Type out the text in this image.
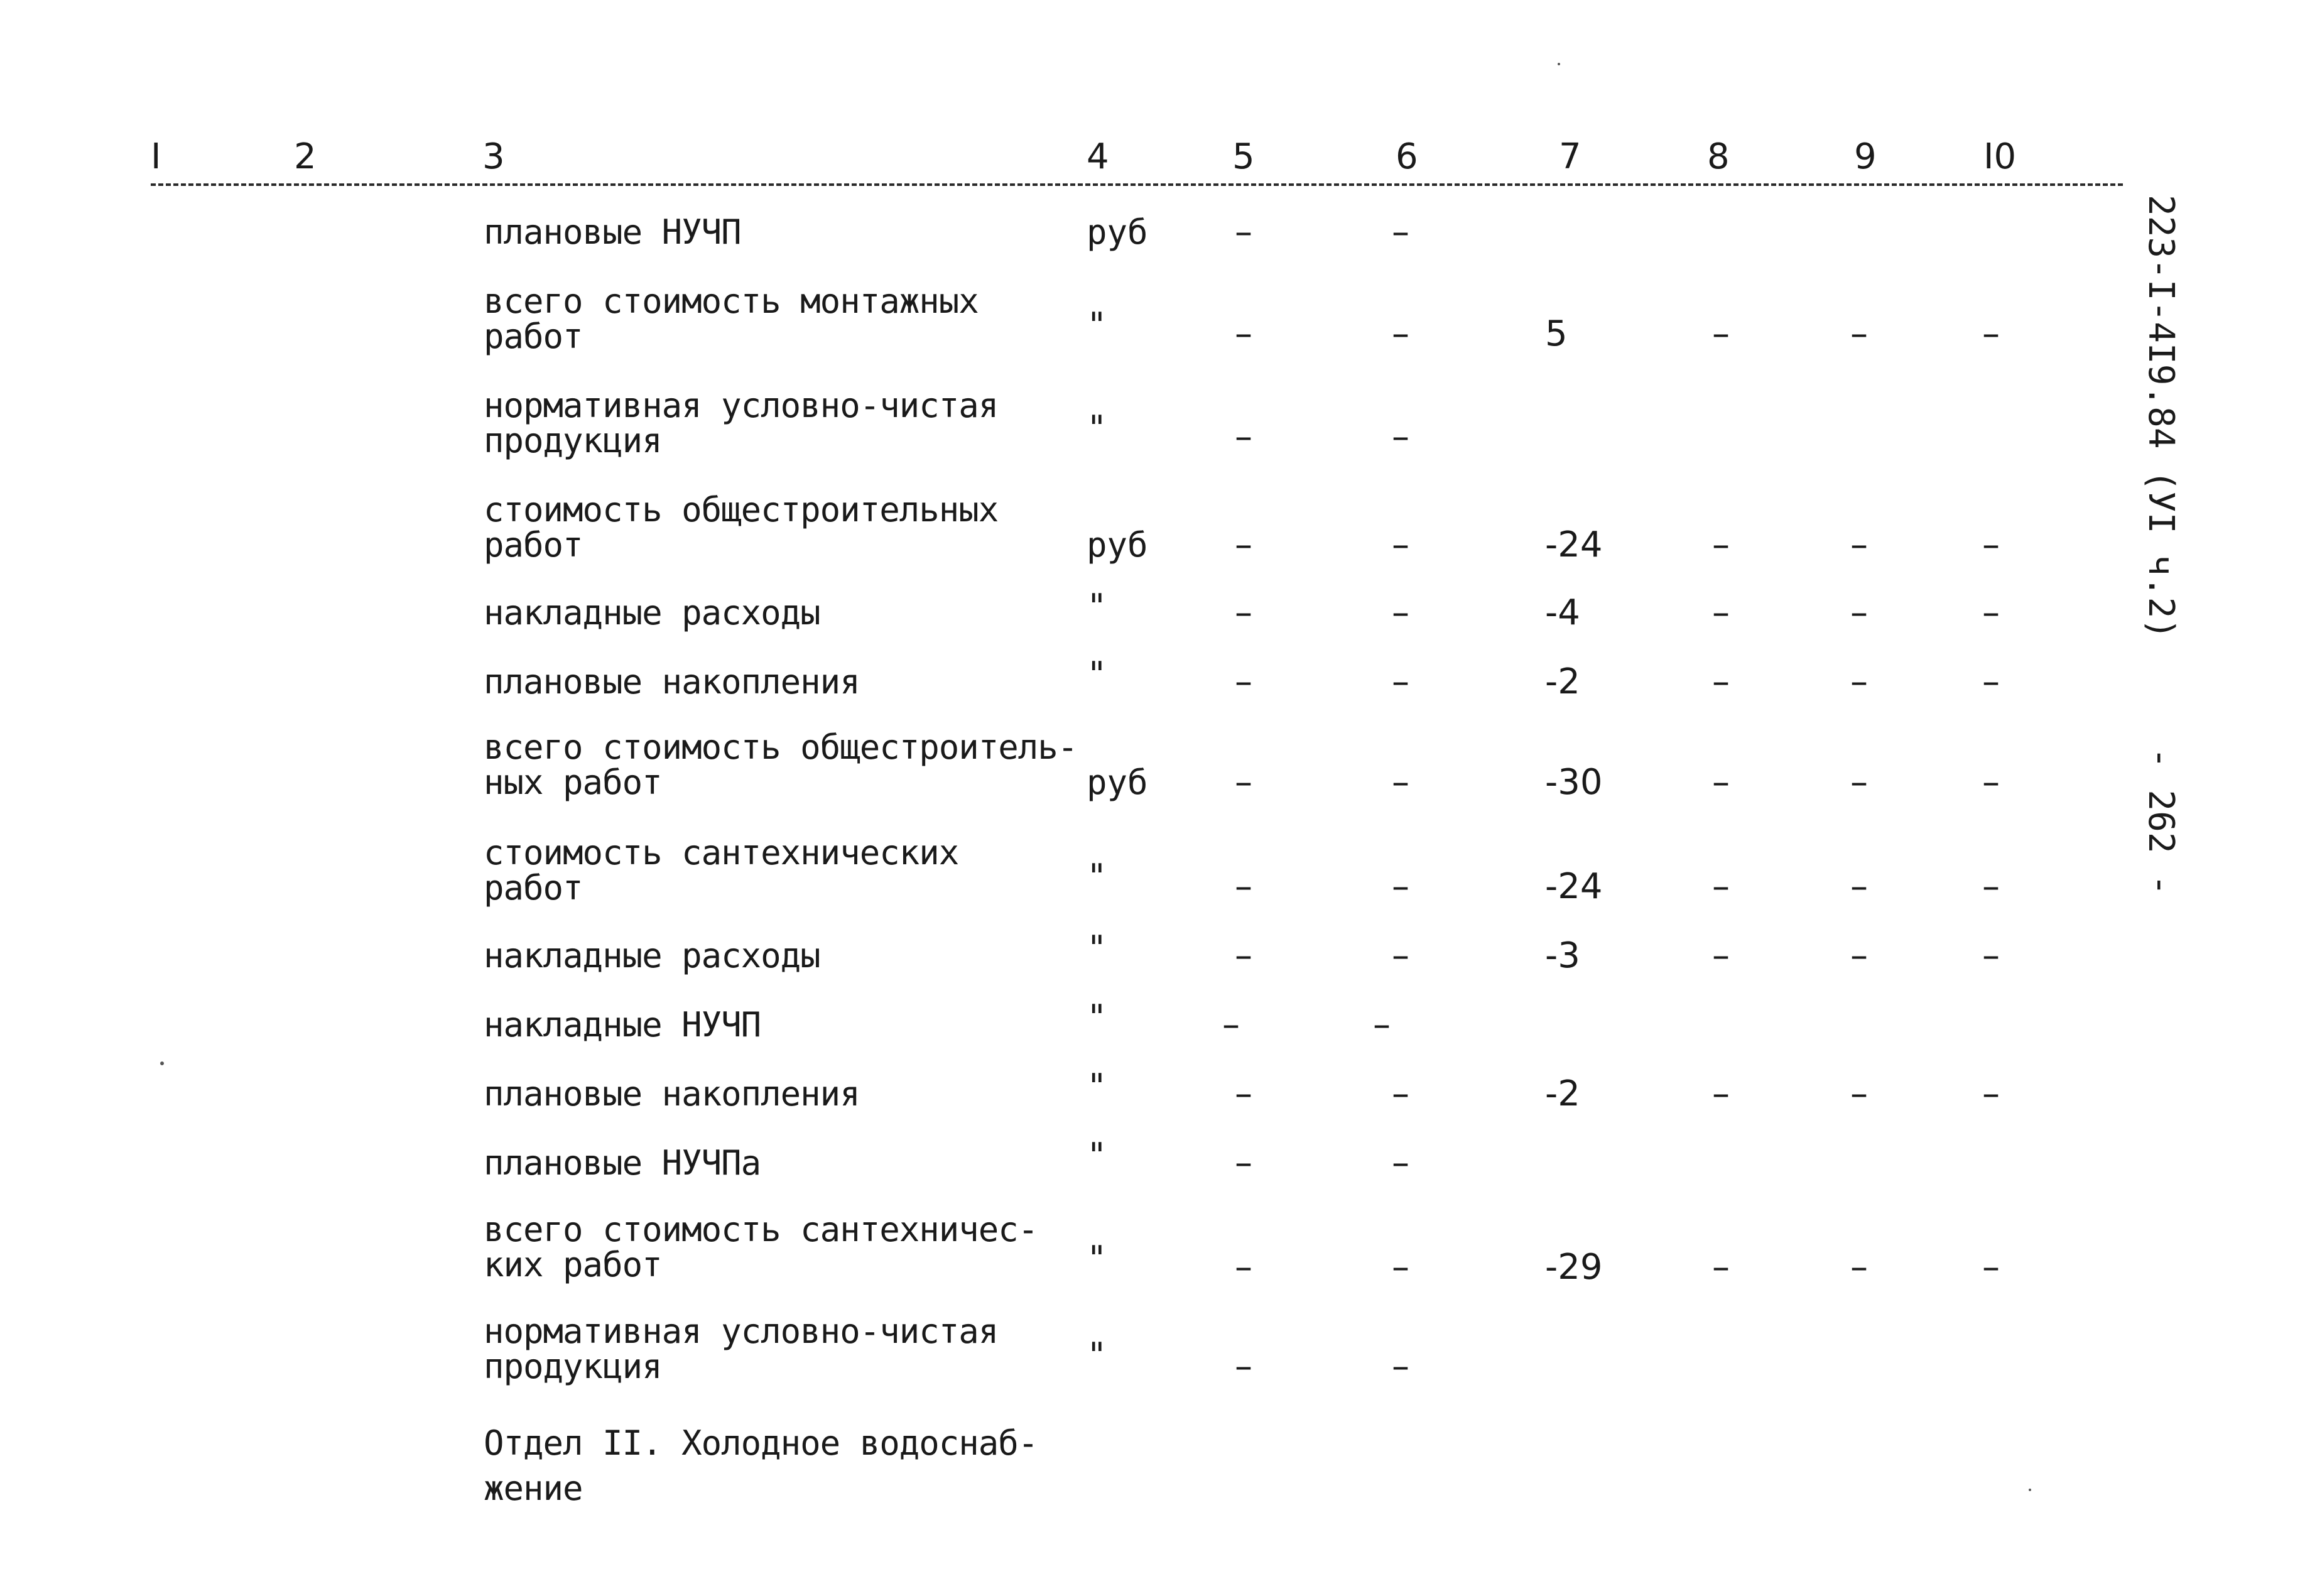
I	2	3	4	5	6	7	8	9	I0
плановые НУЧП	руб	–	–
всего стоимость монтажных
работ	"	–	–	5	–	–	–
нормативная условно-чистая
продукция	"	–	–
стоимость общестроительных
работ	руб	–	–	-24	–	–	–
накладные расходы	"	–	–	-4	–	–	–
плановые накопления	"	–	–	-2	–	–	–
всего стоимость общестроитель-
ных работ	руб	–	–	-30	–	–	–
стоимость сантехнических
работ	"	–	–	-24	–	–	–
накладные расходы	"	–	–	-3	–	–	–
накладные НУЧП	"	–	–
плановые накопления	"	–	–	-2	–	–	–
плановые НУЧПа	"	–	–
всего стоимость сантехничес-
ких работ	"	–	–	-29	–	–	–
нормативная условно-чистая
продукция	"	–	–
Отдел II. Холодное водоснаб-
жение
223-I-4I9.84 (УI ч.2)
- 262 -
